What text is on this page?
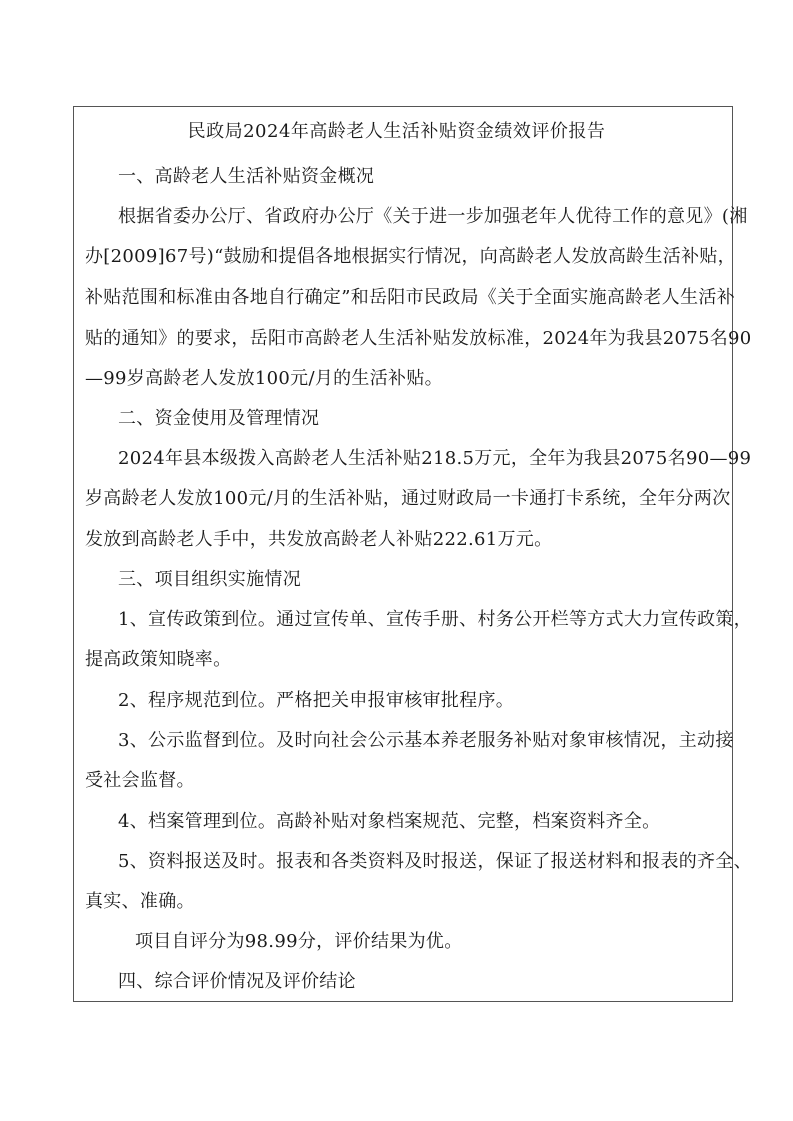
民政局2024年高龄老人生活补贴资金绩效评价报告
一、高龄老人生活补贴资金概况
根据省委办公厅、省政府办公厅《关于进一步加强老年人优待工作的意见》(湘
办[2009]67号)“鼓励和提倡各地根据实行情况，向高龄老人发放高龄生活补贴，
补贴范围和标准由各地自行确定”和岳阳市民政局《关于全面实施高龄老人生活补
贴的通知》的要求，岳阳市高龄老人生活补贴发放标准，2024年为我县2075名90
—99岁高龄老人发放100元/月的生活补贴。
二、资金使用及管理情况
2024年县本级拨入高龄老人生活补贴218.5万元，全年为我县2075名90—99
岁高龄老人发放100元/月的生活补贴，通过财政局一卡通打卡系统，全年分两次
发放到高龄老人手中，共发放高龄老人补贴222.61万元。
三、项目组织实施情况
1、宣传政策到位。通过宣传单、宣传手册、村务公开栏等方式大力宣传政策，
提高政策知晓率。
2、程序规范到位。严格把关申报审核审批程序。
3、公示监督到位。及时向社会公示基本养老服务补贴对象审核情况，主动接
受社会监督。
4、档案管理到位。高龄补贴对象档案规范、完整，档案资料齐全。
5、资料报送及时。报表和各类资料及时报送，保证了报送材料和报表的齐全、
真实、准确。
项目自评分为98.99分，评价结果为优。
四、综合评价情况及评价结论
